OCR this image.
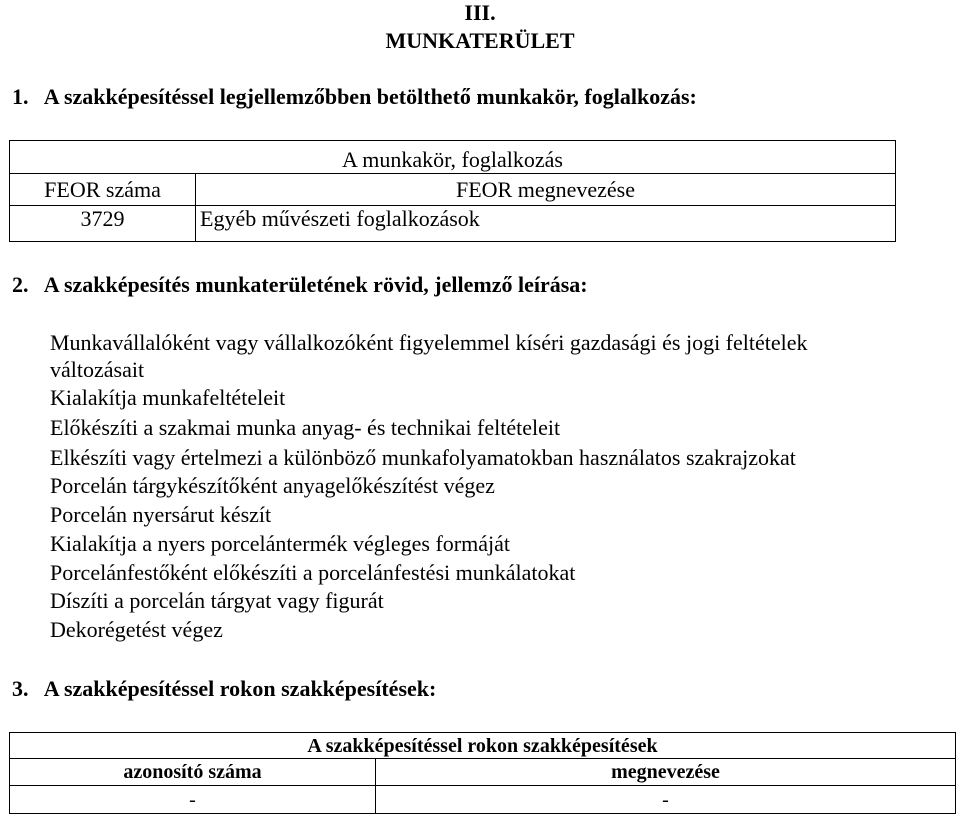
III.
MUNKATERÜLET
1.   A szakképesítéssel legjellemzőbben betölthető munkakör, foglalkozás:
A munkakör, foglalkozás	
FEOR száma	FEOR megnevezése
3729	Egyéb művészeti foglalkozások
2.   A szakképesítés munkaterületének rövid, jellemző leírása:
Munkavállalóként vagy vállalkozóként figyelemmel kíséri gazdasági és jogi feltételek
változásait
Kialakítja munkafeltételeit
Előkészíti a szakmai munka anyag- és technikai feltételeit
Elkészíti vagy értelmezi a különböző munkafolyamatokban használatos szakrajzokat
Porcelán tárgykészítőként anyagelőkészítést végez
Porcelán nyersárut készít
Kialakítja a nyers porcelántermék végleges formáját
Porcelánfestőként előkészíti a porcelánfestési munkálatokat
Díszíti a porcelán tárgyat vagy figurát
Dekorégetést végez
3.   A szakképesítéssel rokon szakképesítések:
A szakképesítéssel rokon szakképesítések	
azonosító száma	megnevezése
-	-
